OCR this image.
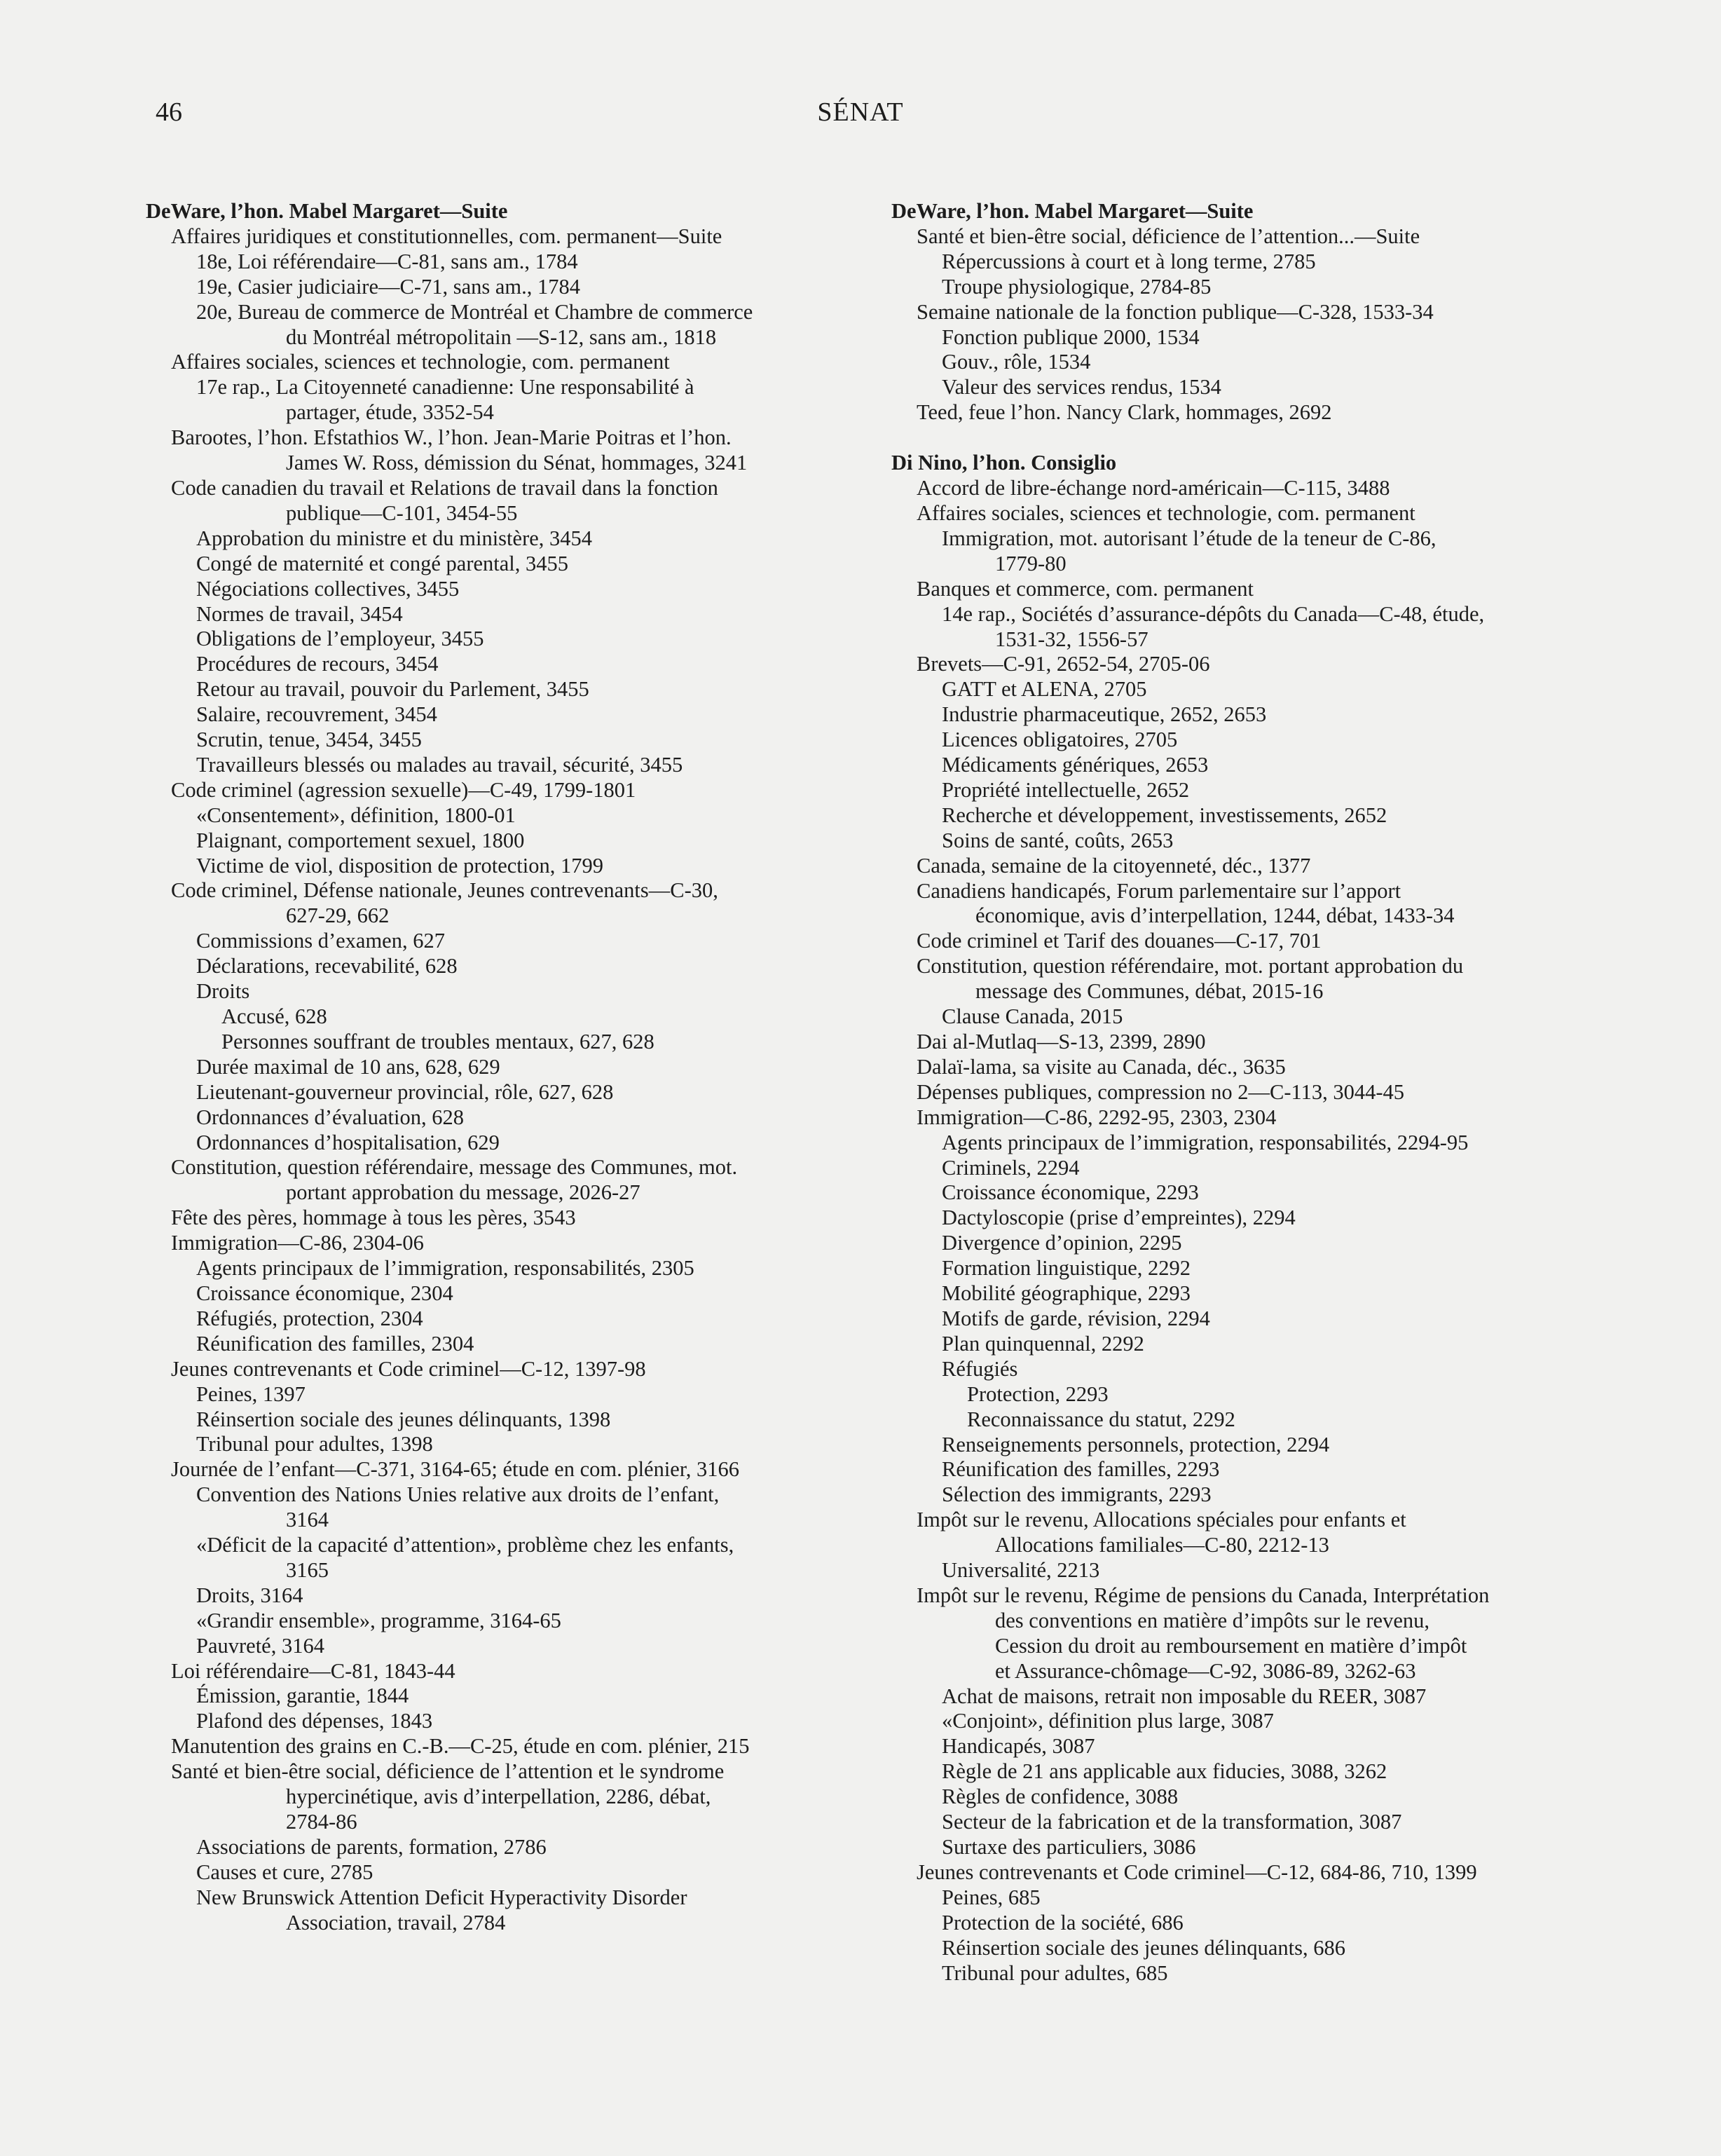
46	SÉNAT
DeWare, l’hon. Mabel Margaret—Suite
Affaires juridiques et constitutionnelles, com. permanent—Suite
18e, Loi référendaire—C-81, sans am., 1784
19e, Casier judiciaire—C-71, sans am., 1784
20e, Bureau de commerce de Montréal et Chambre de commerce
du Montréal métropolitain —S-12, sans am., 1818
Affaires sociales, sciences et technologie, com. permanent
17e rap., La Citoyenneté canadienne: Une responsabilité à
partager, étude, 3352-54
Barootes, l’hon. Efstathios W., l’hon. Jean-Marie Poitras et l’hon.
James W. Ross, démission du Sénat, hommages, 3241
Code canadien du travail et Relations de travail dans la fonction
publique—C-101, 3454-55
Approbation du ministre et du ministère, 3454
Congé de maternité et congé parental, 3455
Négociations collectives, 3455
Normes de travail, 3454
Obligations de l’employeur, 3455
Procédures de recours, 3454
Retour au travail, pouvoir du Parlement, 3455
Salaire, recouvrement, 3454
Scrutin, tenue, 3454, 3455
Travailleurs blessés ou malades au travail, sécurité, 3455
Code criminel (agression sexuelle)—C-49, 1799-1801
«Consentement», définition, 1800-01
Plaignant, comportement sexuel, 1800
Victime de viol, disposition de protection, 1799
Code criminel, Défense nationale, Jeunes contrevenants—C-30,
627-29, 662
Commissions d’examen, 627
Déclarations, recevabilité, 628
Droits
Accusé, 628
Personnes souffrant de troubles mentaux, 627, 628
Durée maximal de 10 ans, 628, 629
Lieutenant-gouverneur provincial, rôle, 627, 628
Ordonnances d’évaluation, 628
Ordonnances d’hospitalisation, 629
Constitution, question référendaire, message des Communes, mot.
portant approbation du message, 2026-27
Fête des pères, hommage à tous les pères, 3543
Immigration—C-86, 2304-06
Agents principaux de l’immigration, responsabilités, 2305
Croissance économique, 2304
Réfugiés, protection, 2304
Réunification des familles, 2304
Jeunes contrevenants et Code criminel—C-12, 1397-98
Peines, 1397
Réinsertion sociale des jeunes délinquants, 1398
Tribunal pour adultes, 1398
Journée de l’enfant—C-371, 3164-65; étude en com. plénier, 3166
Convention des Nations Unies relative aux droits de l’enfant,
3164
«Déficit de la capacité d’attention», problème chez les enfants,
3165
Droits, 3164
«Grandir ensemble», programme, 3164-65
Pauvreté, 3164
Loi référendaire—C-81, 1843-44
Émission, garantie, 1844
Plafond des dépenses, 1843
Manutention des grains en C.-B.—C-25, étude en com. plénier, 215
Santé et bien-être social, déficience de l’attention et le syndrome
hypercinétique, avis d’interpellation, 2286, débat,
2784-86
Associations de parents, formation, 2786
Causes et cure, 2785
New Brunswick Attention Deficit Hyperactivity Disorder
Association, travail, 2784
DeWare, l’hon. Mabel Margaret—Suite
Santé et bien-être social, déficience de l’attention...—Suite
Répercussions à court et à long terme, 2785
Troupe physiologique, 2784-85
Semaine nationale de la fonction publique—C-328, 1533-34
Fonction publique 2000, 1534
Gouv., rôle, 1534
Valeur des services rendus, 1534
Teed, feue l’hon. Nancy Clark, hommages, 2692
Di Nino, l’hon. Consiglio
Accord de libre-échange nord-américain—C-115, 3488
Affaires sociales, sciences et technologie, com. permanent
Immigration, mot. autorisant l’étude de la teneur de C-86,
1779-80
Banques et commerce, com. permanent
14e rap., Sociétés d’assurance-dépôts du Canada—C-48, étude,
1531-32, 1556-57
Brevets—C-91, 2652-54, 2705-06
GATT et ALENA, 2705
Industrie pharmaceutique, 2652, 2653
Licences obligatoires, 2705
Médicaments génériques, 2653
Propriété intellectuelle, 2652
Recherche et développement, investissements, 2652
Soins de santé, coûts, 2653
Canada, semaine de la citoyenneté, déc., 1377
Canadiens handicapés, Forum parlementaire sur l’apport
économique, avis d’interpellation, 1244, débat, 1433-34
Code criminel et Tarif des douanes—C-17, 701
Constitution, question référendaire, mot. portant approbation du
message des Communes, débat, 2015-16
Clause Canada, 2015
Dai al-Mutlaq—S-13, 2399, 2890
Dalaï-lama, sa visite au Canada, déc., 3635
Dépenses publiques, compression no 2—C-113, 3044-45
Immigration—C-86, 2292-95, 2303, 2304
Agents principaux de l’immigration, responsabilités, 2294-95
Criminels, 2294
Croissance économique, 2293
Dactyloscopie (prise d’empreintes), 2294
Divergence d’opinion, 2295
Formation linguistique, 2292
Mobilité géographique, 2293
Motifs de garde, révision, 2294
Plan quinquennal, 2292
Réfugiés
Protection, 2293
Reconnaissance du statut, 2292
Renseignements personnels, protection, 2294
Réunification des familles, 2293
Sélection des immigrants, 2293
Impôt sur le revenu, Allocations spéciales pour enfants et
Allocations familiales—C-80, 2212-13
Universalité, 2213
Impôt sur le revenu, Régime de pensions du Canada, Interprétation
des conventions en matière d’impôts sur le revenu,
Cession du droit au remboursement en matière d’impôt
et Assurance-chômage—C-92, 3086-89, 3262-63
Achat de maisons, retrait non imposable du REER, 3087
«Conjoint», définition plus large, 3087
Handicapés, 3087
Règle de 21 ans applicable aux fiducies, 3088, 3262
Règles de confidence, 3088
Secteur de la fabrication et de la transformation, 3087
Surtaxe des particuliers, 3086
Jeunes contrevenants et Code criminel—C-12, 684-86, 710, 1399
Peines, 685
Protection de la société, 686
Réinsertion sociale des jeunes délinquants, 686
Tribunal pour adultes, 685
